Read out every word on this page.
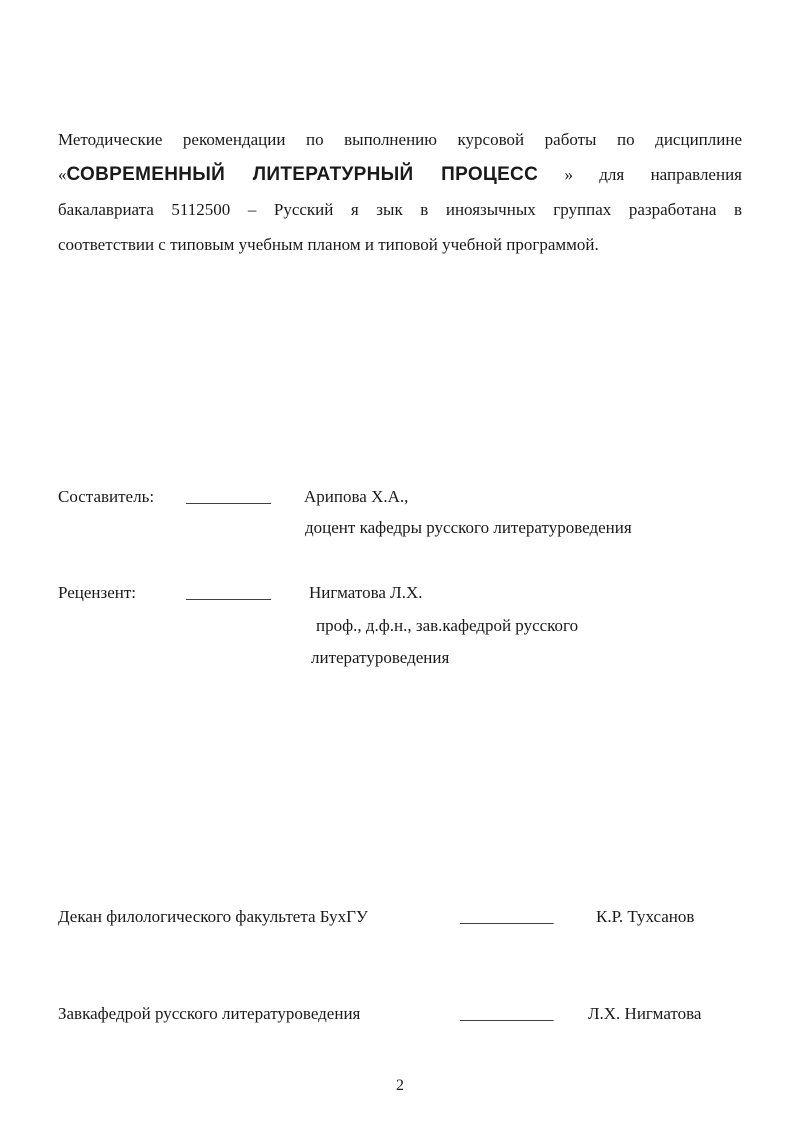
Методические рекомендации по выполнению курсовой работы по дисциплине
«СОВРЕМЕННЫЙ ЛИТЕРАТУРНЫЙ ПРОЦЕСС » для направления
бакалавриата 5112500 – Русский я зык в иноязычных группах разработана в
соответствии с типовым учебным планом и типовой учебной программой.
Составитель: __________ Арипова Х.А.,
доцент кафедры русского литературоведения
Рецензент:	__________ Нигматова Л.Х.
проф., д.ф.н., зав.кафедрой русского
литературоведения
Декан филологического факультета БухГУ	___________	К.Р. Тухсанов
Завкафедрой русского литературоведения	___________ Л.Х. Нигматова
2
